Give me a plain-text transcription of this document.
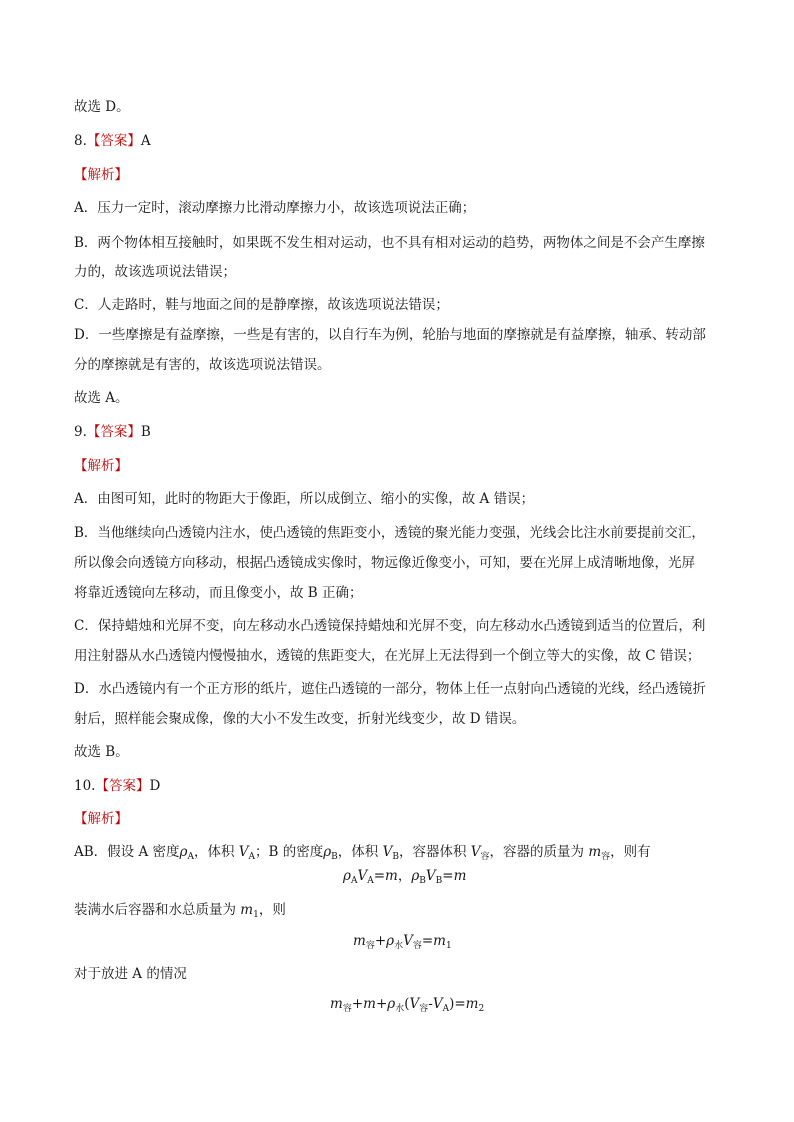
故选 D。
8.【答案】A
【解析】
A．压力一定时，滚动摩擦力比滑动摩擦力小，故该选项说法正确；
B．两个物体相互接触时，如果既不发生相对运动，也不具有相对运动的趋势，两物体之间是不会产生摩擦
力的，故该选项说法错误；
C．人走路时，鞋与地面之间的是静摩擦，故该选项说法错误；
D．一些摩擦是有益摩擦，一些是有害的，以自行车为例，轮胎与地面的摩擦就是有益摩擦，轴承、转动部
分的摩擦就是有害的，故该选项说法错误。
故选 A。
9.【答案】B
【解析】
A．由图可知，此时的物距大于像距，所以成倒立、缩小的实像，故 A 错误；
B．当他继续向凸透镜内注水，使凸透镜的焦距变小，透镜的聚光能力变强，光线会比注水前要提前交汇，
所以像会向透镜方向移动，根据凸透镜成实像时，物远像近像变小，可知，要在光屏上成清晰地像，光屏
将靠近透镜向左移动，而且像变小，故 B 正确；
C．保持蜡烛和光屏不变，向左移动水凸透镜保持蜡烛和光屏不变，向左移动水凸透镜到适当的位置后，利
用注射器从水凸透镜内慢慢抽水，透镜的焦距变大，在光屏上无法得到一个倒立等大的实像，故 C 错误；
D．水凸透镜内有一个正方形的纸片，遮住凸透镜的一部分，物体上任一点射向凸透镜的光线，经凸透镜折
射后，照样能会聚成像，像的大小不发生改变，折射光线变少，故 D 错误。
故选 B。
10.【答案】D
【解析】
AB．假设 A 密度$\rho_A$，体积 $V_A$；B 的密度$\rho_B$，体积 $V_B$，容器体积 $V_容$，容器的质量为 $m_容$，则有
$\rho_AV_A=m$，$\rho_BV_B=m$
装满水后容器和水总质量为 $m_1$，则
$m_容+\rho_水V_容=m_1$
对于放进 A 的情况
$m_容+m+\rho_水(V_容-V_A)=m_2$
